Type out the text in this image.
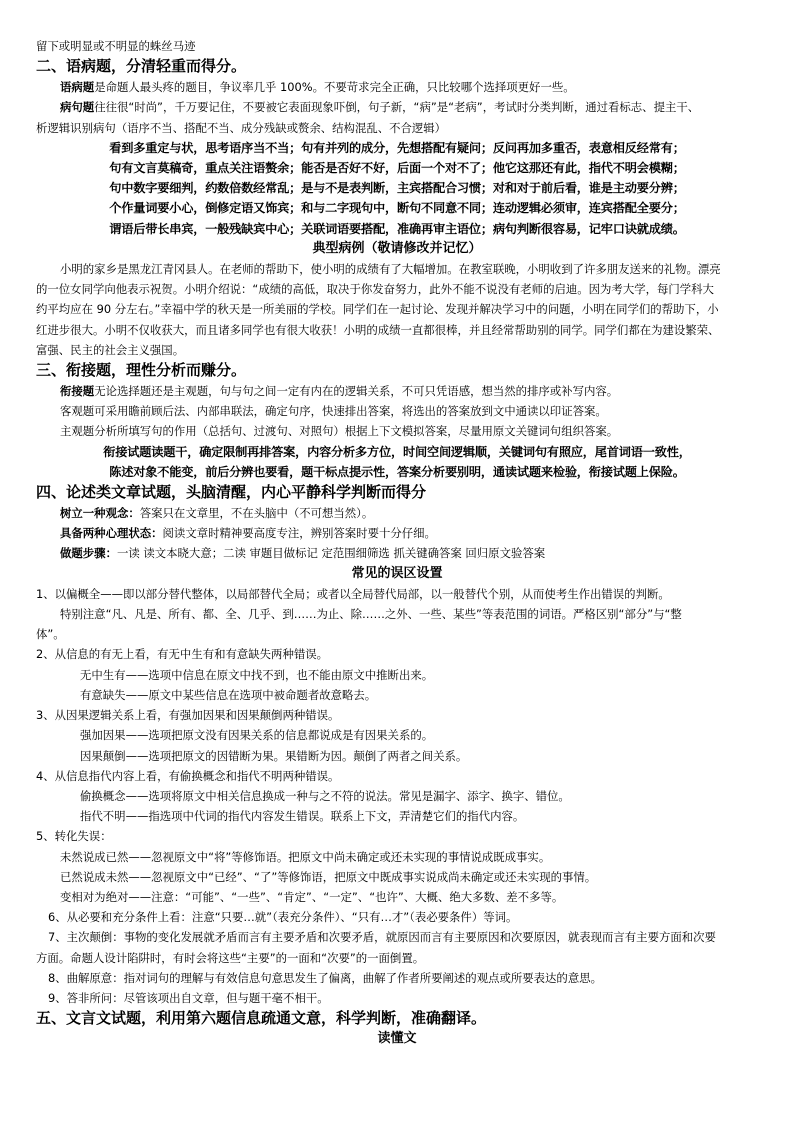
留下或明显或不明显的蛛丝马迹
二、语病题，分清轻重而得分。
语病题是命题人最头疼的题目，争议率几乎 100%。不要苛求完全正确，只比较哪个选择项更好一些。
病句题往往很“时尚”，千万要记住，不要被它表面现象吓倒，句子新，“病”是“老病”，考试时分类判断，通过看标志、提主干、
析逻辑识别病句（语序不当、搭配不当、成分残缺或赘余、结构混乱、不合逻辑）
看到多重定与状，思考语序当不当；句有并列的成分，先想搭配有疑问；反问再加多重否，表意相反经常有；
句有文言莫稿奇，重点关注语赘余；能否是否好不好，后面一个对不了；他它这那还有此，指代不明会模糊；
句中数字要细判，约数倍数经常乱；是与不是表判断，主宾搭配合习惯；对和对于前后看，谁是主动要分辨；
个作量词要小心，倒修定语又饰宾；和与二字现句中，断句不同意不同；连动逻辑必须审，连宾搭配全要分；
谓语后带长串宾，一般残缺宾中心；关联词语要搭配，准确再审主语位；病句判断很容易，记牢口诀就成绩。
典型病例（敬请修改并记忆）
小明的家乡是黑龙江青冈县人。在老师的帮助下，使小明的成绩有了大幅增加。在教室联晚，小明收到了许多朋友送来的礼物。漂亮
的一位女同学向他表示祝贺。小明介绍说：“成绩的高低，取决于你发奋努力，此外不能不说没有老师的启迪。因为考大学，每门学科大
约平均应在 90 分左右。”幸福中学的秋天是一所美丽的学校。同学们在一起讨论、发现并解决学习中的问题，小明在同学们的帮助下，小
红进步很大。小明不仅收获大，而且诸多同学也有很大收获！小明的成绩一直都很棒，并且经常帮助别的同学。同学们都在为建设繁荣、
富强、民主的社会主义强国。
三、衔接题，理性分析而赚分。
衔接题无论选择题还是主观题，句与句之间一定有内在的逻辑关系，不可只凭语感，想当然的排序或补写内容。
客观题可采用瞻前顾后法、内部串联法，确定句序，快速排出答案，将选出的答案放到文中通读以印证答案。
主观题分析所填写句的作用（总括句、过渡句、对照句）根据上下文模拟答案，尽量用原文关键词句组织答案。
衔接试题读题干，确定限制再排答案，内容分析多方位，时间空间逻辑顺，关键词句有照应，尾首词语一致性，
陈述对象不能变，前后分辨也要看，题干标点提示性，答案分析要别明，通读试题来检验，衔接试题上保险。
四、论述类文章试题，头脑清醒，内心平静科学判断而得分
树立一种观念：答案只在文章里，不在头脑中（不可想当然）。
具备两种心理状态：阅读文章时精神要高度专注，辨别答案时要十分仔细。
做题步骤：一读 读文本晓大意；二读 审题目做标记 定范围细筛选 抓关键确答案 回归原文验答案
常见的误区设置
1、以偏概全——即以部分替代整体，以局部替代全局；或者以全局替代局部，以一般替代个别，从而使考生作出错误的判断。
特别注意“凡、凡是、所有、都、全、几乎、到……为止、除……之外、一些、某些”等表范围的词语。严格区别“部分”与“整
体”。
2、从信息的有无上看，有无中生有和有意缺失两种错误。
无中生有——选项中信息在原文中找不到，也不能由原文中推断出来。
有意缺失——原文中某些信息在选项中被命题者故意略去。
3、从因果逻辑关系上看，有强加因果和因果颠倒两种错误。
强加因果——选项把原文没有因果关系的信息都说成是有因果关系的。
因果颠倒——选项把原文的因错断为果。果错断为因。颠倒了两者之间关系。
4、从信息指代内容上看，有偷换概念和指代不明两种错误。
偷换概念——选项将原文中相关信息换成一种与之不符的说法。常见是漏字、添字、换字、错位。
指代不明——指选项中代词的指代内容发生错误。联系上下文，弄清楚它们的指代内容。
5、转化失误：
未然说成已然——忽视原文中“将”等修饰语。把原文中尚未确定或还未实现的事情说成既成事实。
已然说成未然——忽视原文中“已经”、“了”等修饰语，把原文中既成事实说成尚未确定或还未实现的事情。
变相对为绝对——注意：“可能”、“一些”、“肯定”、“一定”、“也许”、大概、绝大多数、差不多等。
6、从必要和充分条件上看：注意“只要…就”（表充分条件）、“只有…才”（表必要条件）等词。
7、主次颠倒：事物的变化发展就矛盾而言有主要矛盾和次要矛盾，就原因而言有主要原因和次要原因，就表现而言有主要方面和次要
方面。命题人设计陷阱时，有时会将这些“主要”的一面和“次要”的一面倒置。
8、曲解原意：指对词句的理解与有效信息句意思发生了偏离，曲解了作者所要阐述的观点或所要表达的意思。
9、答非所问：尽管该项出自文章，但与题干毫不相干。
五、文言文试题，利用第六题信息疏通文意，科学判断，准确翻译。
读懂文
